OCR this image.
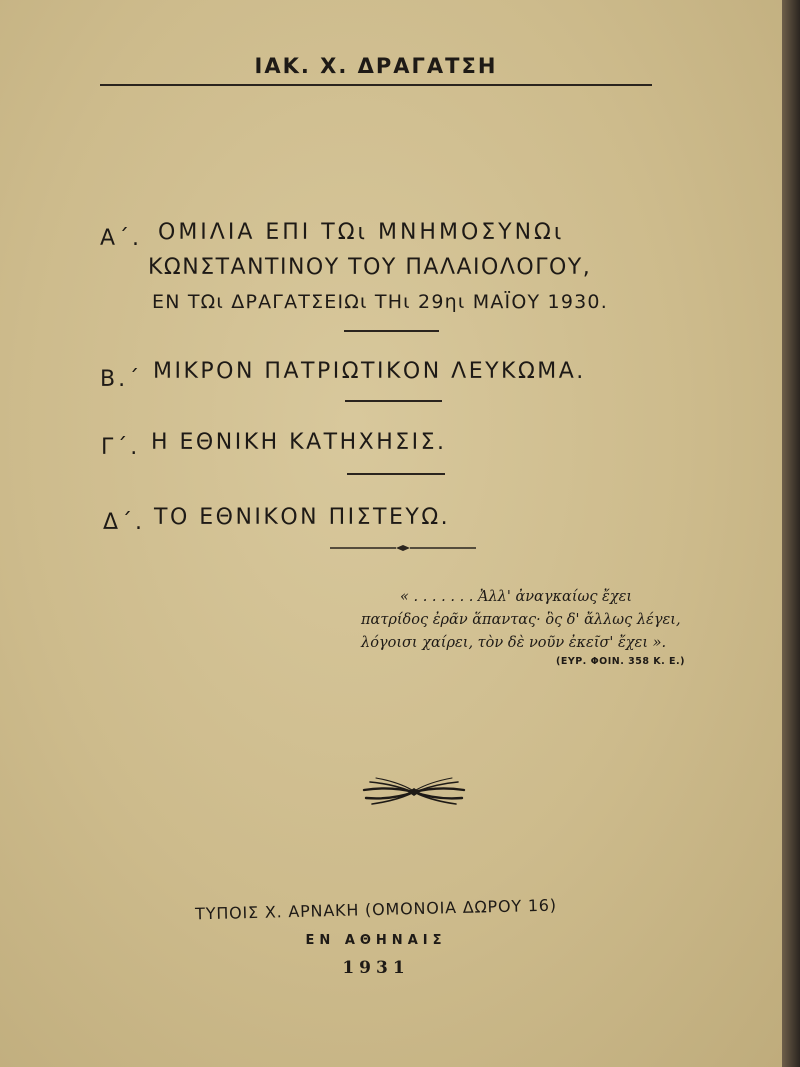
ΙΑΚ. Χ. ΔΡΑΓΑΤΣΗ
Α΄. ΟΜΙΛΙΑ ΕΠΙ ΤΩι ΜΝΗΜΟΣΥΝΩι
ΚΩΝΣΤΑΝΤΙΝΟΥ ΤΟΥ ΠΑΛΑΙΟΛΟΓΟΥ,
ΕΝ ΤΩι ΔΡΑΓΑΤΣΕΙΩι ΤΗι 29ηι ΜΑΪΟΥ 1930.
Β.΄ ΜΙΚΡΟΝ ΠΑΤΡΙΩΤΙΚΟΝ ΛΕΥΚΩΜΑ.
Γ΄. Η ΕΘΝΙΚΗ ΚΑΤΗΧΗΣΙΣ.
Δ΄. ΤΟ ΕΘΝΙΚΟΝ ΠΙΣΤΕΥΩ.
« . . . . . . . Ἀλλ' ἀναγκαίως ἔχει
πατρίδος ἐρᾶν ἅπαντας· ὃς δ' ἄλλως λέγει,
λόγοισι χαίρει, τὸν δὲ νοῦν ἐκεῖσ' ἔχει ».
(ΕΥΡ. ΦΟΙΝ. 358 Κ. Ε.)
ΤΥΠΟΙΣ Χ. ΑΡΝΑΚΗ (ΟΜΟΝΟΙΑ ΔΩΡΟΥ 16)
ΕΝ ΑΘΗΝΑΙΣ
1931
